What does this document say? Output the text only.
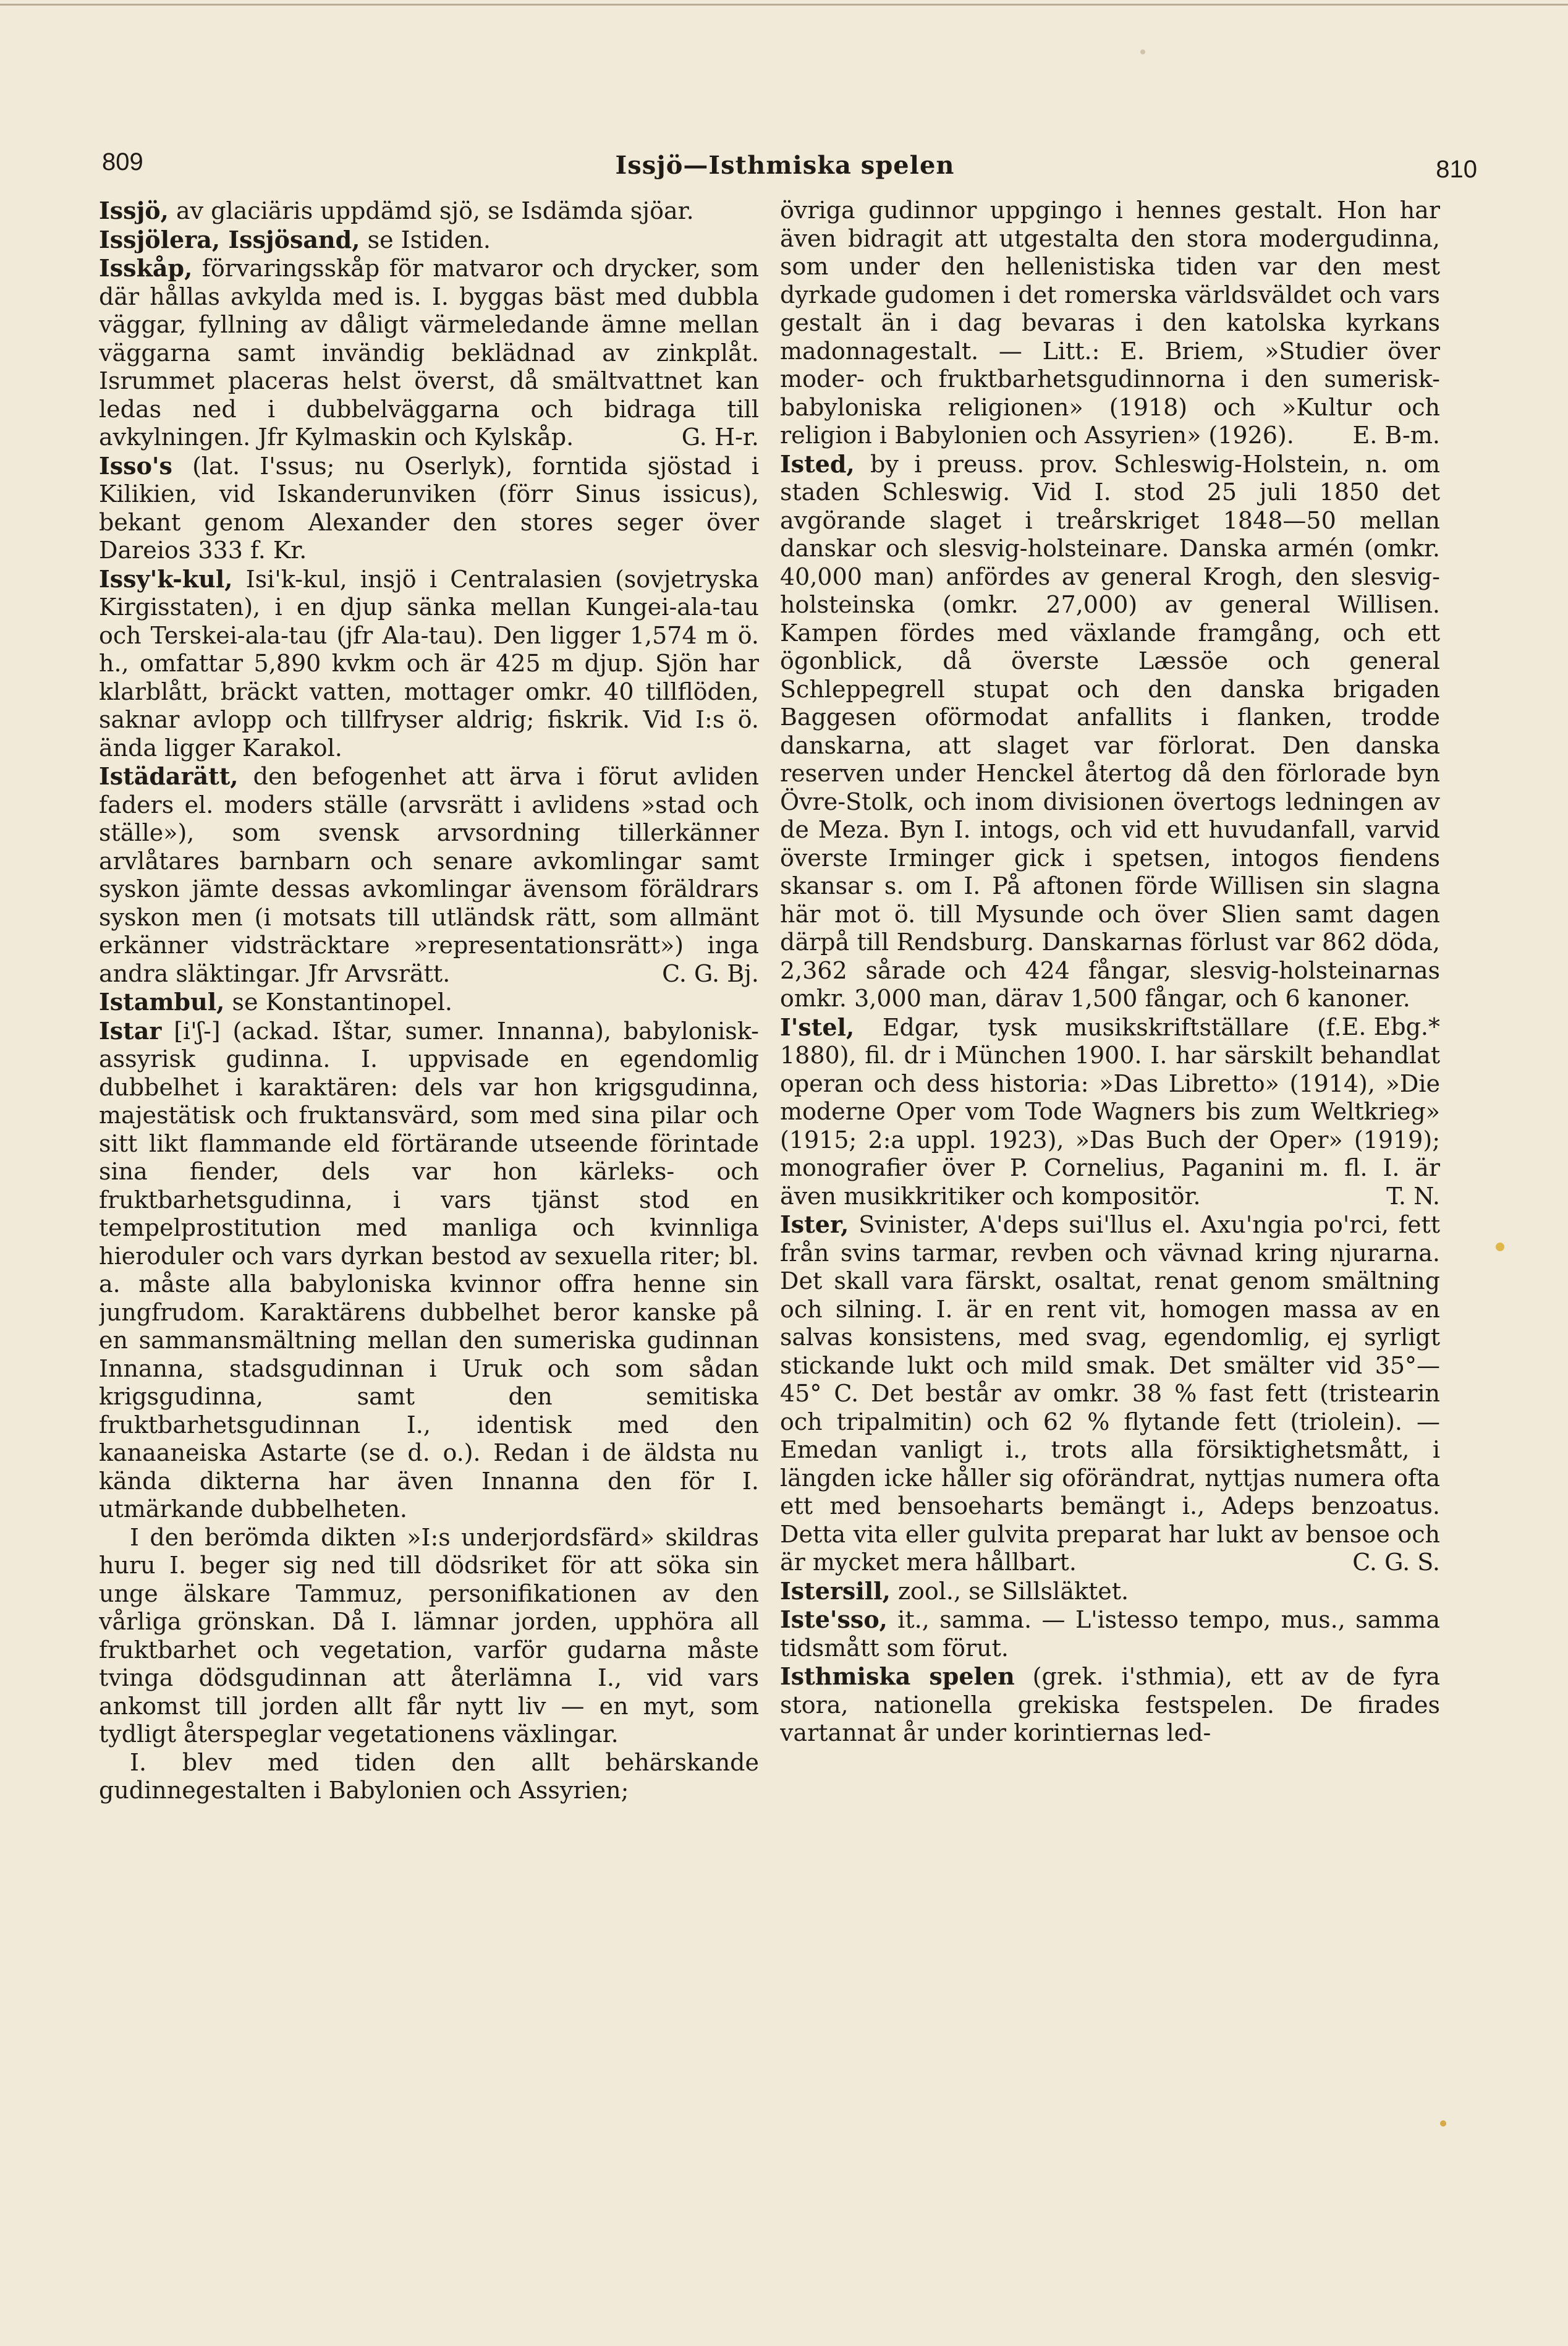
809	Issjö—Isthmiska spelen	810

Issjö, av glaciäris uppdämd sjö, se Isdämda sjöar.

Issjölera, Issjösand, se Istiden.

Isskåp, förvaringsskåp för matvaror och drycker, som där hållas avkylda med is. I. byggas bäst med dubbla väggar, fyllning av dåligt värmeledande ämne mellan väggarna samt invändig beklädnad av zinkplåt. Isrummet placeras helst överst, då smältvattnet kan ledas ned i dubbelväggarna och bidraga till avkylningen. Jfr Kylmaskin och Kylskåp.	G. H-r.

Isso's (lat. I'ssus; nu Oserlyk), forntida sjöstad i Kilikien, vid Iskanderunviken (förr Sinus issicus), bekant genom Alexander den stores seger över Dareios 333 f. Kr.

Issy'k-kul, Isi'k-kul, insjö i Centralasien (sovjetryska Kirgisstaten), i en djup sänka mellan Kungei-ala-tau och Terskei-ala-tau (jfr Ala-tau). Den ligger 1,574 m ö. h., omfattar 5,890 kvkm och är 425 m djup. Sjön har klarblått, bräckt vatten, mottager omkr. 40 tillflöden, saknar avlopp och tillfryser aldrig; fiskrik. Vid I:s ö. ända ligger Karakol.

Istädarätt, den befogenhet att ärva i förut avliden faders el. moders ställe (arvsrätt i avlidens »stad och ställe»), som svensk arvsordning tillerkänner arvlåtares barnbarn och senare avkomlingar samt syskon jämte dessas avkomlingar ävensom föräldrars syskon men (i motsats till utländsk rätt, som allmänt erkänner vidsträcktare »representationsrätt») inga andra släktingar. Jfr Arvsrätt.	C. G. Bj.

Istambul, se Konstantinopel.

Istar [i'ʃ-] (ackad. Ištar, sumer. Innanna), babylonisk-assyrisk gudinna. I. uppvisade en egendomlig dubbelhet i karaktären: dels var hon krigsgudinna, majestätisk och fruktansvärd, som med sina pilar och sitt likt flammande eld förtärande utseende förintade sina fiender, dels var hon kärleks- och fruktbarhetsgudinna, i vars tjänst stod en tempelprostitution med manliga och kvinnliga hieroduler och vars dyrkan bestod av sexuella riter; bl. a. måste alla babyloniska kvinnor offra henne sin jungfrudom. Karaktärens dubbelhet beror kanske på en sammansmältning mellan den sumeriska gudinnan Innanna, stadsgudinnan i Uruk och som sådan krigsgudinna, samt den semitiska fruktbarhetsgudinnan I., identisk med den kanaaneiska Astarte (se d. o.). Redan i de äldsta nu kända dikterna har även Innanna den för I. utmärkande dubbelheten.

I den berömda dikten »I:s underjordsfärd» skildras huru I. beger sig ned till dödsriket för att söka sin unge älskare Tammuz, personifikationen av den vårliga grönskan. Då I. lämnar jorden, upphöra all fruktbarhet och vegetation, varför gudarna måste tvinga dödsgudinnan att återlämna I., vid vars ankomst till jorden allt får nytt liv — en myt, som tydligt återspeglar vegetationens växlingar.

I. blev med tiden den allt behärskande gudinnegestalten i Babylonien och Assyrien;

övriga gudinnor uppgingo i hennes gestalt. Hon har även bidragit att utgestalta den stora modergudinna, som under den hellenistiska tiden var den mest dyrkade gudomen i det romerska världsväldet och vars gestalt än i dag bevaras i den katolska kyrkans madonnagestalt. — Litt.: E. Briem, »Studier över moder- och fruktbarhetsgudinnorna i den sumerisk-babyloniska religionen» (1918) och »Kultur och religion i Babylonien och Assyrien» (1926). E. B-m.

Isted, by i preuss. prov. Schleswig-Holstein, n. om staden Schleswig. Vid I. stod 25 juli 1850 det avgörande slaget i treårskriget 1848—50 mellan danskar och slesvig-holsteinare. Danska armén (omkr. 40,000 man) anfördes av general Krogh, den slesvig-holsteinska (omkr. 27,000) av general Willisen. Kampen fördes med växlande framgång, och ett ögonblick, då överste Læssöe och general Schleppegrell stupat och den danska brigaden Baggesen oförmodat anfallits i flanken, trodde danskarna, att slaget var förlorat. Den danska reserven under Henckel återtog då den förlorade byn Övre-Stolk, och inom divisionen övertogs ledningen av de Meza. Byn I. intogs, och vid ett huvudanfall, varvid överste Irminger gick i spetsen, intogos fiendens skansar s. om I. På aftonen förde Willisen sin slagna här mot ö. till Mysunde och över Slien samt dagen därpå till Rendsburg. Danskarnas förlust var 862 döda, 2,362 sårade och 424 fångar, slesvig-holsteinarnas omkr. 3,000 man, därav 1,500 fångar, och 6 kanoner.
E. Ebg.*

I'stel, Edgar, tysk musikskriftställare (f. 1880), fil. dr i München 1900. I. har särskilt behandlat operan och dess historia: »Das Libretto» (1914), »Die moderne Oper vom Tode Wagners bis zum Weltkrieg» (1915; 2:a uppl. 1923), »Das Buch der Oper» (1919); monografier över P. Cornelius, Paganini m. fl. I. är även musikkritiker och kompositör.	T. N.

Ister, Svinister, A'deps sui'llus el. Axu'ngia po'rci, fett från svins tarmar, revben och vävnad kring njurarna. Det skall vara färskt, osaltat, renat genom smältning och silning. I. är en rent vit, homogen massa av en salvas konsistens, med svag, egendomlig, ej syrligt stickande lukt och mild smak. Det smälter vid 35°—45° C. Det består av omkr. 38 % fast fett (tristearin och tripalmitin) och 62 % flytande fett (triolein). — Emedan vanligt i., trots alla försiktighetsmått, i längden icke håller sig oförändrat, nyttjas numera ofta ett med bensoeharts bemängt i., Adeps benzoatus. Detta vita eller gulvita preparat har lukt av bensoe och är mycket mera hållbart.	C. G. S.

Istersill, zool., se Sillsläktet.

Iste'sso, it., samma. — L'istesso tempo, mus., samma tidsmått som förut.

Isthmiska spelen (grek. i'sthmia), ett av de fyra stora, nationella grekiska festspelen. De firades vartannat år under korintiernas led-
